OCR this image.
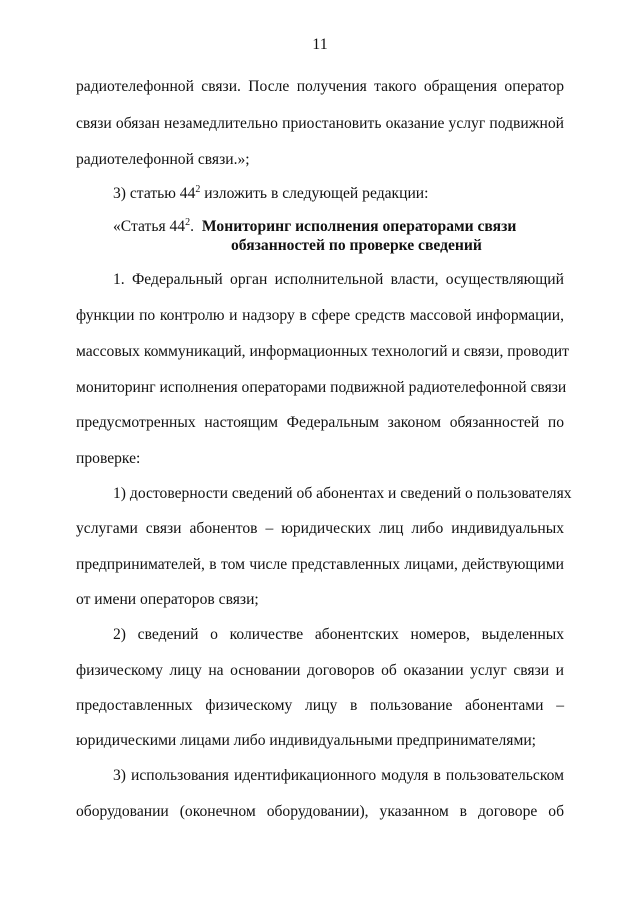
11
радиотелефонной связи. После получения такого обращения оператор
связи обязан незамедлительно приостановить оказание услуг подвижной
радиотелефонной связи.»;
3) статью $44^2$ изложить в следующей редакции:
«Статья $44^2$. Мониторинг исполнения операторами связи
обязанностей по проверке сведений
1. Федеральный орган исполнительной власти, осуществляющий
функции по контролю и надзору в сфере средств массовой информации,
массовых коммуникаций, информационных технологий и связи, проводит
мониторинг исполнения операторами подвижной радиотелефонной связи
предусмотренных настоящим Федеральным законом обязанностей по
проверке:
1) достоверности сведений об абонентах и сведений о пользователях
услугами связи абонентов – юридических лиц либо индивидуальных
предпринимателей, в том числе представленных лицами, действующими
от имени операторов связи;
2) сведений о количестве абонентских номеров, выделенных
физическому лицу на основании договоров об оказании услуг связи и
предоставленных физическому лицу в пользование абонентами –
юридическими лицами либо индивидуальными предпринимателями;
3) использования идентификационного модуля в пользовательском
оборудовании (оконечном оборудовании), указанном в договоре об
